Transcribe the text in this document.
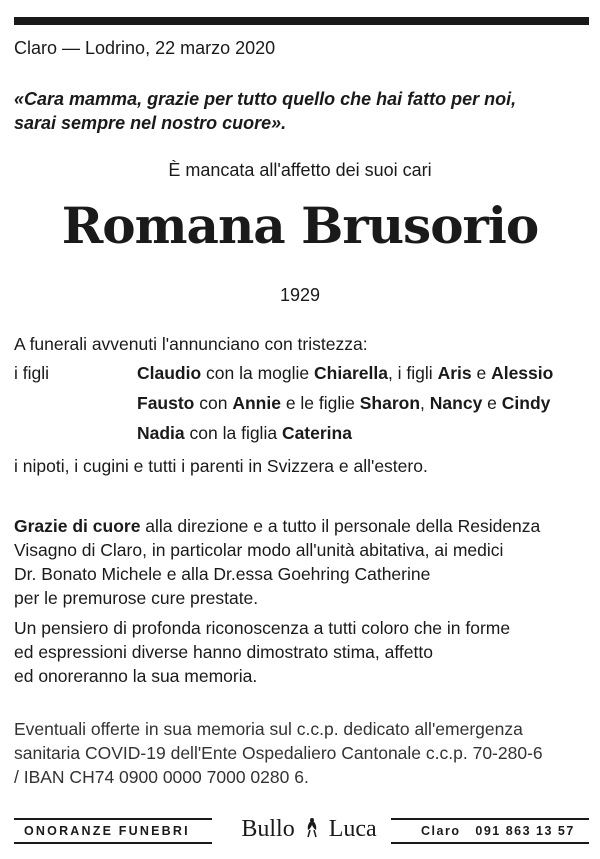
Claro — Lodrino, 22 marzo 2020
«Cara mamma, grazie per tutto quello che hai fatto per noi,
sarai sempre nel nostro cuore».
È mancata all'affetto dei suoi cari
Romana Brusorio
1929
A funerali avvenuti l'annunciano con tristezza:
i figli	Claudio con la moglie Chiarella, i figli Aris e Alessio
Fausto con Annie e le figlie Sharon, Nancy e Cindy
Nadia con la figlia Caterina
i nipoti, i cugini e tutti i parenti in Svizzera e all'estero.
Grazie di cuore alla direzione e a tutto il personale della Residenza
Visagno di Claro, in particolar modo all'unità abitativa, ai medici
Dr. Bonato Michele e alla Dr.essa Goehring Catherine
per le premurose cure prestate.
Un pensiero di profonda riconoscenza a tutti coloro che in forme
ed espressioni diverse hanno dimostrato stima, affetto
ed onoreranno la sua memoria.
Eventuali offerte in sua memoria sul c.c.p. dedicato all'emergenza
sanitaria COVID-19 dell'Ente Ospedaliero Cantonale c.c.p. 70-280-6
/ IBAN CH74 0900 0000 7000 0280 6.
ONORANZE FUNEBRI	Bullo Luca	Claro   091 863 13 57
